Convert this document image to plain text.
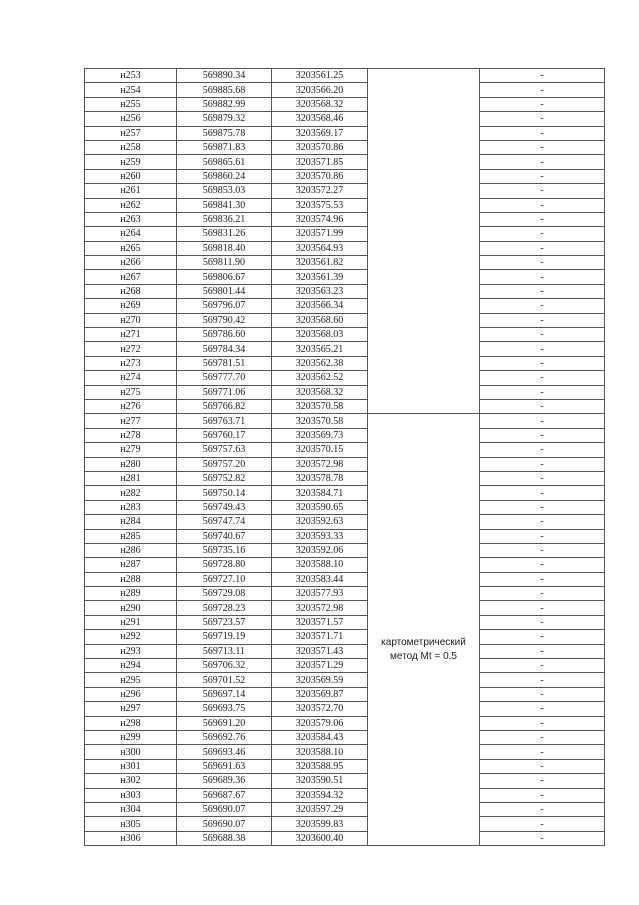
н253	569890.34	3203561.25		-
н254	569885.68	3203566.20		-
н255	569882.99	3203568.32		-
н256	569879.32	3203568.46		-
н257	569875.78	3203569.17		-
н258	569871.83	3203570.86		-
н259	569865.61	3203571.85		-
н260	569860.24	3203570.86		-
н261	569853.03	3203572.27		-
н262	569841.30	3203575.53		-
н263	569836.21	3203574.96		-
н264	569831.26	3203571.99		-
н265	569818.40	3203564.93		-
н266	569811.90	3203561.82		-
н267	569806.67	3203561.39		-
н268	569801.44	3203563.23		-
н269	569796.07	3203566.34		-
н270	569790.42	3203568.60		-
н271	569786.60	3203568.03		-
н272	569784.34	3203565.21		-
н273	569781.51	3203562.38		-
н274	569777.70	3203562.52		-
н275	569771.06	3203568.32		-
н276	569766.82	3203570.58		-
н277	569763.71	3203570.58	картометрический метод Mt = 0.5	-
н278	569760.17	3203569.73		-
н279	569757.63	3203570.15		-
н280	569757.20	3203572.98		-
н281	569752.82	3203578.78		-
н282	569750.14	3203584.71		-
н283	569749.43	3203590.65		-
н284	569747.74	3203592.63		-
н285	569740.67	3203593.33		-
н286	569735.16	3203592.06		-
н287	569728.80	3203588.10		-
н288	569727.10	3203583.44		-
н289	569729.08	3203577.93		-
н290	569728.23	3203572.98		-
н291	569723.57	3203571.57		-
н292	569719.19	3203571.71		-
н293	569713.11	3203571.43		-
н294	569706.32	3203571.29		-
н295	569701.52	3203569.59		-
н296	569697.14	3203569.87		-
н297	569693.75	3203572.70		-
н298	569691.20	3203579.06		-
н299	569692.76	3203584.43		-
н300	569693.46	3203588.10		-
н301	569691.63	3203588.95		-
н302	569689.36	3203590.51		-
н303	569687.67	3203594.32		-
н304	569690.07	3203597.29		-
н305	569690.07	3203599.83		-
н306	569688.38	3203600.40		-
